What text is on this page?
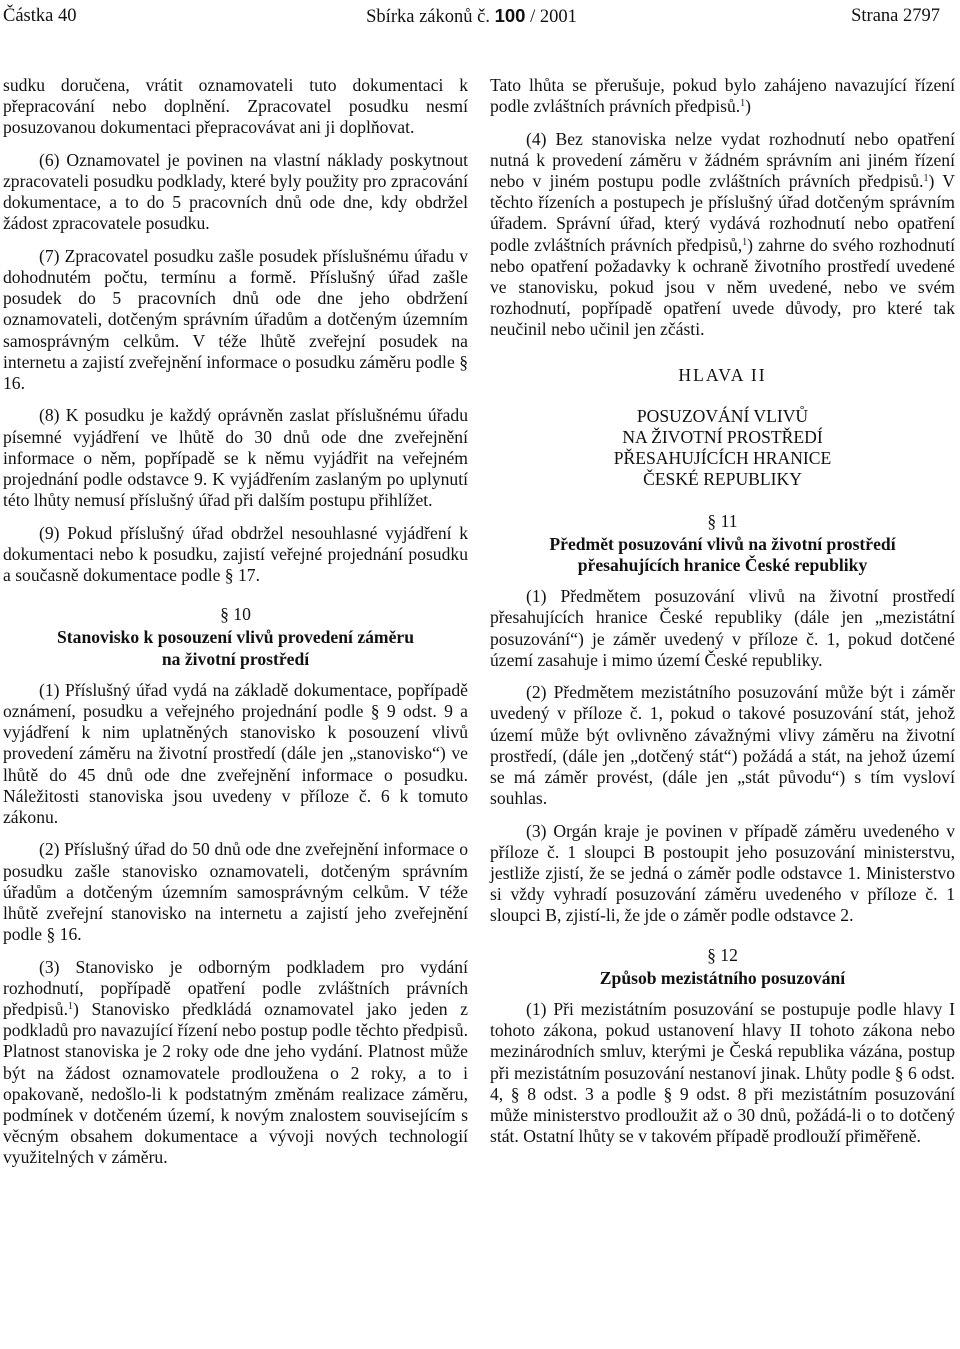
Částka 40	Sbírka zákonů č. 100 / 2001	Strana 2797

sudku doručena, vrátit oznamovateli tuto dokumentaci k přepracování nebo doplnění. Zpracovatel posudku nesmí posuzovanou dokumentaci přepracovávat ani ji doplňovat.

(6) Oznamovatel je povinen na vlastní náklady poskytnout zpracovateli posudku podklady, které byly použity pro zpracování dokumentace, a to do 5 pracovních dnů ode dne, kdy obdržel žádost zpracovatele posudku.

(7) Zpracovatel posudku zašle posudek příslušnému úřadu v dohodnutém počtu, termínu a formě. Příslušný úřad zašle posudek do 5 pracovních dnů ode dne jeho obdržení oznamovateli, dotčeným správním úřadům a dotčeným územním samosprávným celkům. V téže lhůtě zveřejní posudek na internetu a zajistí zveřejnění informace o posudku záměru podle § 16.

(8) K posudku je každý oprávněn zaslat příslušnému úřadu písemné vyjádření ve lhůtě do 30 dnů ode dne zveřejnění informace o něm, popřípadě se k němu vyjádřit na veřejném projednání podle odstavce 9. K vyjádřením zaslaným po uplynutí této lhůty nemusí příslušný úřad při dalším postupu přihlížet.

(9) Pokud příslušný úřad obdržel nesouhlasné vyjádření k dokumentaci nebo k posudku, zajistí veřejné projednání posudku a současně dokumentace podle § 17.

§ 10
Stanovisko k posouzení vlivů provedení záměru
na životní prostředí

(1) Příslušný úřad vydá na základě dokumentace, popřípadě oznámení, posudku a veřejného projednání podle § 9 odst. 9 a vyjádření k nim uplatněných stanovisko k posouzení vlivů provedení záměru na životní prostředí (dále jen „stanovisko“) ve lhůtě do 45 dnů ode dne zveřejnění informace o posudku. Náležitosti stanoviska jsou uvedeny v příloze č. 6 k tomuto zákonu.

(2) Příslušný úřad do 50 dnů ode dne zveřejnění informace o posudku zašle stanovisko oznamovateli, dotčeným správním úřadům a dotčeným územním samosprávným celkům. V téže lhůtě zveřejní stanovisko na internetu a zajistí jeho zveřejnění podle § 16.

(3) Stanovisko je odborným podkladem pro vydání rozhodnutí, popřípadě opatření podle zvláštních právních předpisů.$^1$) Stanovisko předkládá oznamovatel jako jeden z podkladů pro navazující řízení nebo postup podle těchto předpisů. Platnost stanoviska je 2 roky ode dne jeho vydání. Platnost může být na žádost oznamovatele prodloužena o 2 roky, a to i opakovaně, nedošlo-li k podstatným změnám realizace záměru, podmínek v dotčeném území, k novým znalostem souvisejícím s věcným obsahem dokumentace a vývoji nových technologií využitelných v záměru.

Tato lhůta se přerušuje, pokud bylo zahájeno navazující řízení podle zvláštních právních předpisů.$^1$)

(4) Bez stanoviska nelze vydat rozhodnutí nebo opatření nutná k provedení záměru v žádném správním ani jiném řízení nebo v jiném postupu podle zvláštních právních předpisů.$^1$) V těchto řízeních a postupech je příslušný úřad dotčeným správním úřadem. Správní úřad, který vydává rozhodnutí nebo opatření podle zvláštních právních předpisů,$^1$) zahrne do svého rozhodnutí nebo opatření požadavky k ochraně životního prostředí uvedené ve stanovisku, pokud jsou v něm uvedené, nebo ve svém rozhodnutí, popřípadě opatření uvede důvody, pro které tak neučinil nebo učinil jen zčásti.

HLAVA II
POSUZOVÁNÍ VLIVŮ
NA ŽIVOTNÍ PROSTŘEDÍ
PŘESAHUJÍCÍCH HRANICE
ČESKÉ REPUBLIKY
§ 11
Předmět posuzování vlivů na životní prostředí
přesahujících hranice České republiky

(1) Předmětem posuzování vlivů na životní prostředí přesahujících hranice České republiky (dále jen „mezistátní posuzování“) je záměr uvedený v příloze č. 1, pokud dotčené území zasahuje i mimo území České republiky.

(2) Předmětem mezistátního posuzování může být i záměr uvedený v příloze č. 1, pokud o takové posuzování stát, jehož území může být ovlivněno závažnými vlivy záměru na životní prostředí, (dále jen „dotčený stát“) požádá a stát, na jehož území se má záměr provést, (dále jen „stát původu“) s tím vysloví souhlas.

(3) Orgán kraje je povinen v případě záměru uvedeného v příloze č. 1 sloupci B postoupit jeho posuzování ministerstvu, jestliže zjistí, že se jedná o záměr podle odstavce 1. Ministerstvo si vždy vyhradí posuzování záměru uvedeného v příloze č. 1 sloupci B, zjistí-li, že jde o záměr podle odstavce 2.

§ 12
Způsob mezistátního posuzování

(1) Při mezistátním posuzování se postupuje podle hlavy I tohoto zákona, pokud ustanovení hlavy II tohoto zákona nebo mezinárodních smluv, kterými je Česká republika vázána, postup při mezistátním posuzování nestanoví jinak. Lhůty podle § 6 odst. 4, § 8 odst. 3 a podle § 9 odst. 8 při mezistátním posuzování může ministerstvo prodloužit až o 30 dnů, požádá-li o to dotčený stát. Ostatní lhůty se v takovém případě prodlouží přiměřeně.
